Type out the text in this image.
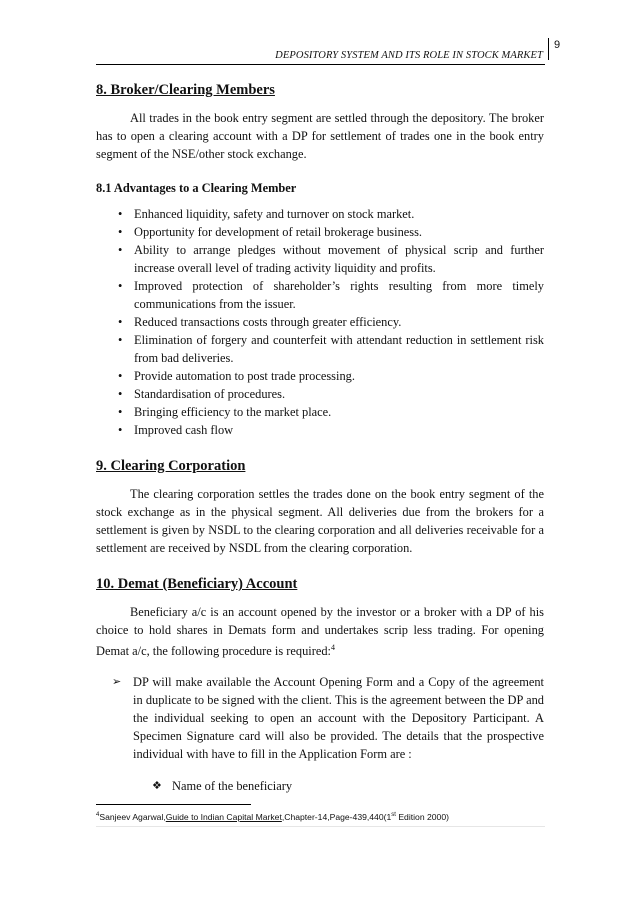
9
DEPOSITORY SYSTEM AND ITS ROLE IN STOCK MARKET
8. Broker/Clearing Members

All trades in the book entry segment are settled through the depository. The broker has to open a clearing account with a DP for settlement of trades one in the book entry segment of the NSE/other stock exchange.

8.1 Advantages to a Clearing Member
• Enhanced liquidity, safety and turnover on stock market.
• Opportunity for development of retail brokerage business.
• Ability to arrange pledges without movement of physical scrip and further increase overall level of trading activity liquidity and profits.
• Improved protection of shareholder’s rights resulting from more timely communications from the issuer.
• Reduced transactions costs through greater efficiency.
• Elimination of forgery and counterfeit with attendant reduction in settlement risk from bad deliveries.
• Provide automation to post trade processing.
• Standardisation of procedures.
• Bringing efficiency to the market place.
• Improved cash flow
9. Clearing Corporation

The clearing corporation settles the trades done on the book entry segment of the stock exchange as in the physical segment. All deliveries due from the brokers for a settlement is given by NSDL to the clearing corporation and all deliveries receivable for a settlement are received by NSDL from the clearing corporation.

10. Demat (Beneficiary) Account

Beneficiary a/c is an account opened by the investor or a broker with a DP of his choice to hold shares in Demats form and undertakes scrip less trading. For opening Demat a/c, the following procedure is required:$^4$

➢ DP will make available the Account Opening Form and a Copy of the agreement in duplicate to be signed with the client. This is the agreement between the DP and the individual seeking to open an account with the Depository Participant. A Specimen Signature card will also be provided. The details that the prospective individual with have to fill in the Application Form are :
❖ Name of the beneficiary
$^4$Sanjeev Agarwal,Guide to Indian Capital Market,Chapter-14,Page-439,440(1st Edition 2000)
